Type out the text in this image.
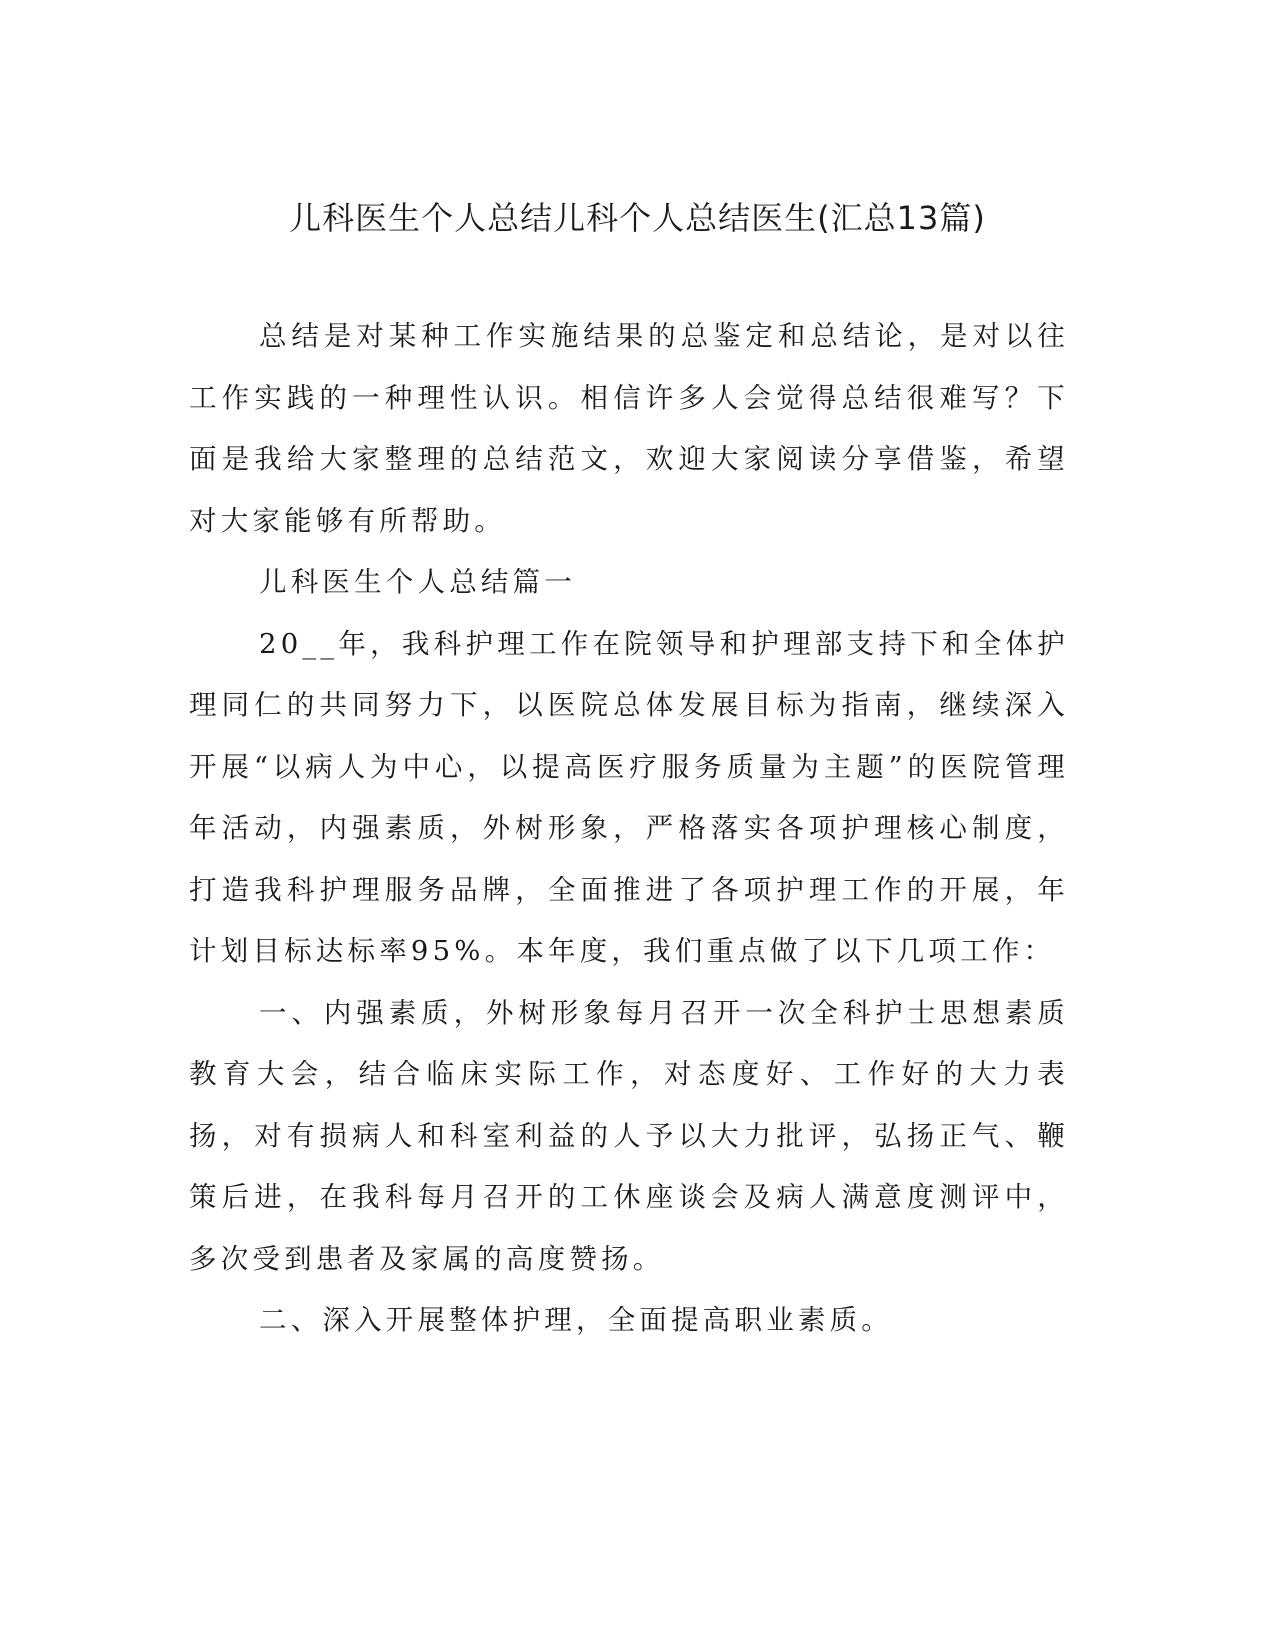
儿科医生个人总结儿科个人总结医生(汇总13篇)

总结是对某种工作实施结果的总鉴定和总结论，是对以往工作实践的一种理性认识。相信许多人会觉得总结很难写？下面是我给大家整理的总结范文，欢迎大家阅读分享借鉴，希望对大家能够有所帮助。

儿科医生个人总结篇一

20__年，我科护理工作在院领导和护理部支持下和全体护理同仁的共同努力下，以医院总体发展目标为指南，继续深入开展“以病人为中心，以提高医疗服务质量为主题”的医院管理年活动，内强素质，外树形象，严格落实各项护理核心制度，打造我科护理服务品牌，全面推进了各项护理工作的开展，年计划目标达标率95%。本年度，我们重点做了以下几项工作：

一、内强素质，外树形象每月召开一次全科护士思想素质教育大会，结合临床实际工作，对态度好、工作好的大力表扬，对有损病人和科室利益的人予以大力批评，弘扬正气、鞭策后进，在我科每月召开的工休座谈会及病人满意度测评中，多次受到患者及家属的高度赞扬。

二、深入开展整体护理，全面提高职业素质。
